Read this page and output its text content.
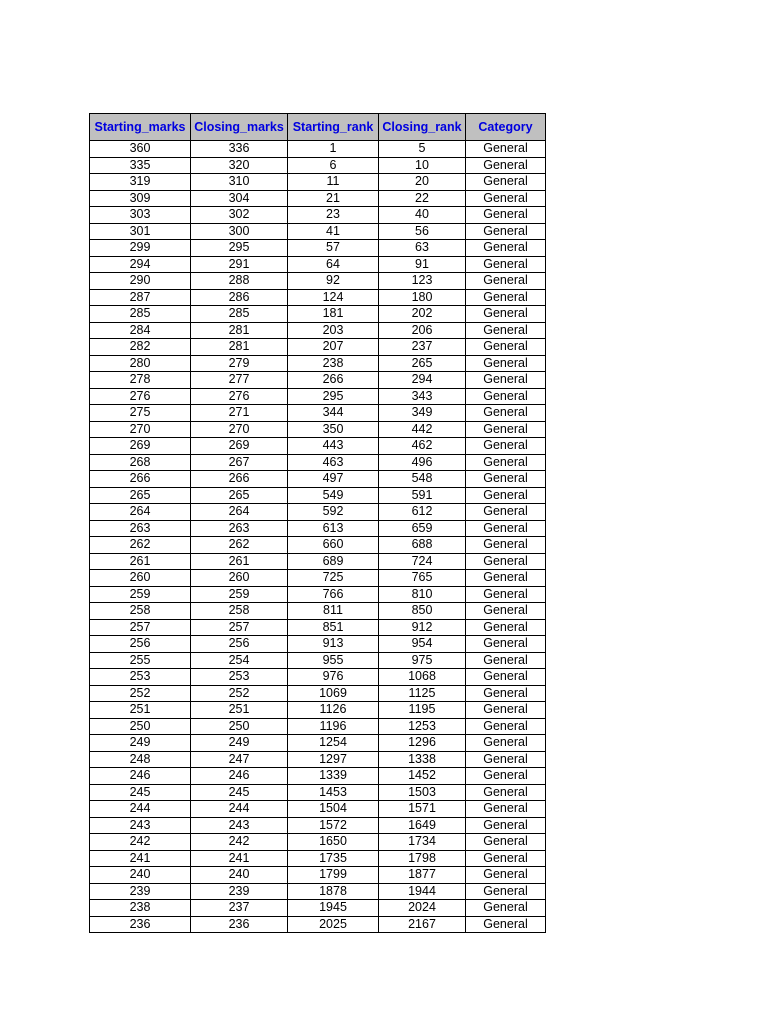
Starting_marks	Closing_marks	Starting_rank	Closing_rank	Category
360	336	1	5	General
335	320	6	10	General
319	310	11	20	General
309	304	21	22	General
303	302	23	40	General
301	300	41	56	General
299	295	57	63	General
294	291	64	91	General
290	288	92	123	General
287	286	124	180	General
285	285	181	202	General
284	281	203	206	General
282	281	207	237	General
280	279	238	265	General
278	277	266	294	General
276	276	295	343	General
275	271	344	349	General
270	270	350	442	General
269	269	443	462	General
268	267	463	496	General
266	266	497	548	General
265	265	549	591	General
264	264	592	612	General
263	263	613	659	General
262	262	660	688	General
261	261	689	724	General
260	260	725	765	General
259	259	766	810	General
258	258	811	850	General
257	257	851	912	General
256	256	913	954	General
255	254	955	975	General
253	253	976	1068	General
252	252	1069	1125	General
251	251	1126	1195	General
250	250	1196	1253	General
249	249	1254	1296	General
248	247	1297	1338	General
246	246	1339	1452	General
245	245	1453	1503	General
244	244	1504	1571	General
243	243	1572	1649	General
242	242	1650	1734	General
241	241	1735	1798	General
240	240	1799	1877	General
239	239	1878	1944	General
238	237	1945	2024	General
236	236	2025	2167	General
